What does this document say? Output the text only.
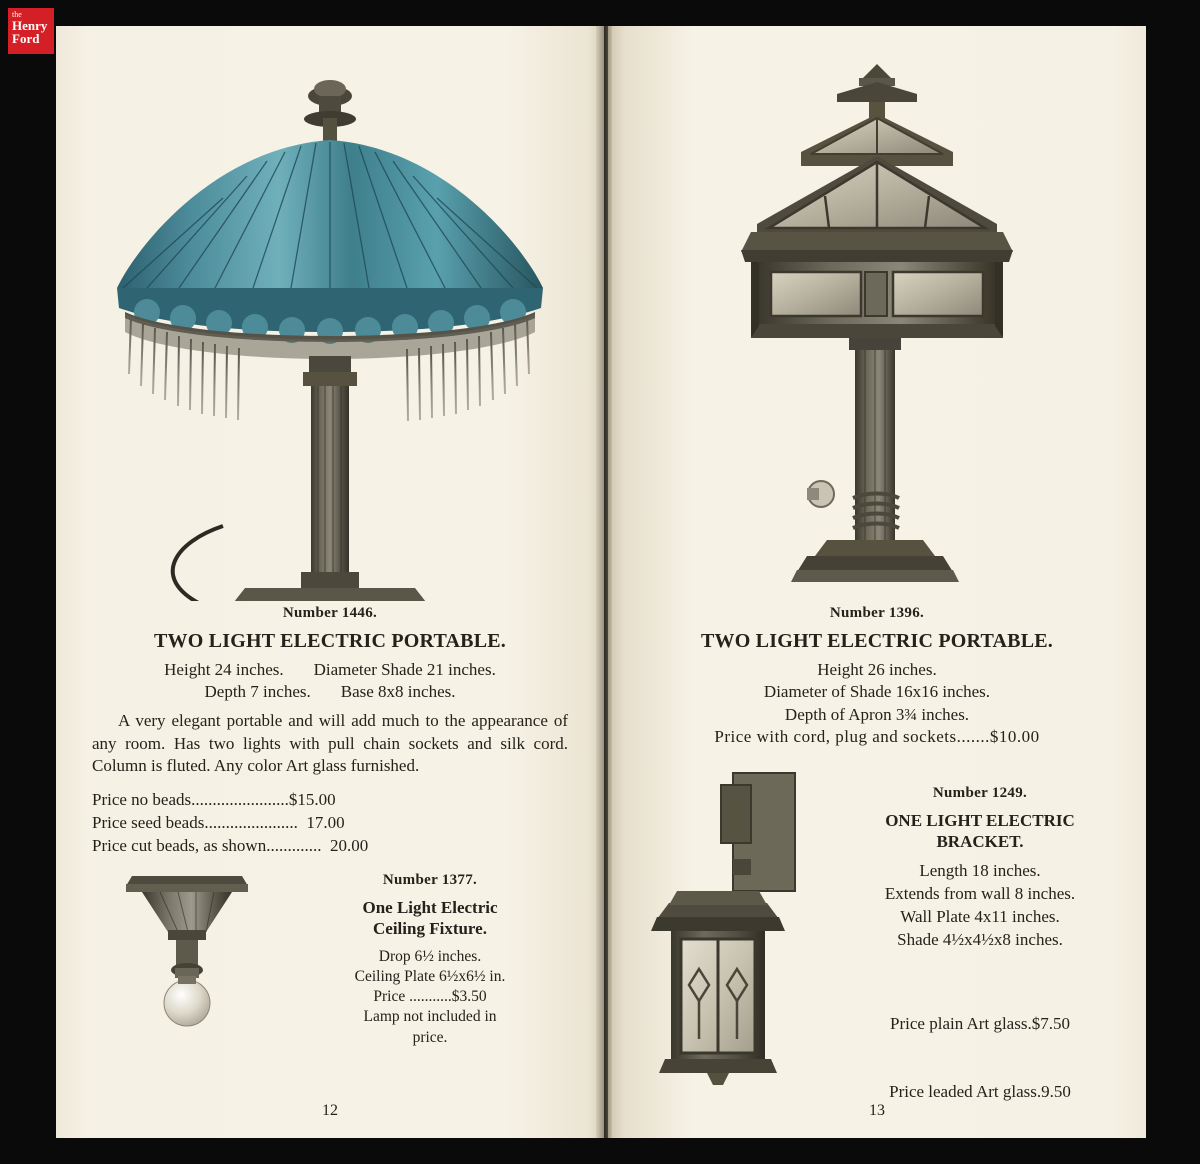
the
Henry
Ford
Number 1446.
TWO LIGHT ELECTRIC PORTABLE.
Height 24 inches. Diameter Shade 21 inches.
Depth 7 inches. Base 8x8 inches.
A very elegant portable and will add much to the appearance of any room. Has two lights with pull chain sockets and silk cord. Column is fluted. Any color Art glass furnished.
Price no beads.......................$15.00
Price seed beads......................  17.00
Price cut beads, as shown.............  20.00
Number 1377.
One Light Electric
Ceiling Fixture.
Drop 6½ inches.
Ceiling Plate 6½x6½ in.
Price ...........$3.50
Lamp not included in
price.
12
Number 1396.
TWO LIGHT ELECTRIC PORTABLE.
Height 26 inches.
Diameter of Shade 16x16 inches.
Depth of Apron 3¾ inches.
Price with cord, plug and sockets.......$10.00
Number 1249.
ONE LIGHT ELECTRIC
BRACKET.
Length 18 inches.
Extends from wall 8 inches.
Wall Plate 4x11 inches.
Shade 4½x4½x8 inches.

Price plain Art glass.$7.50

Price leaded Art glass.9.50

13
